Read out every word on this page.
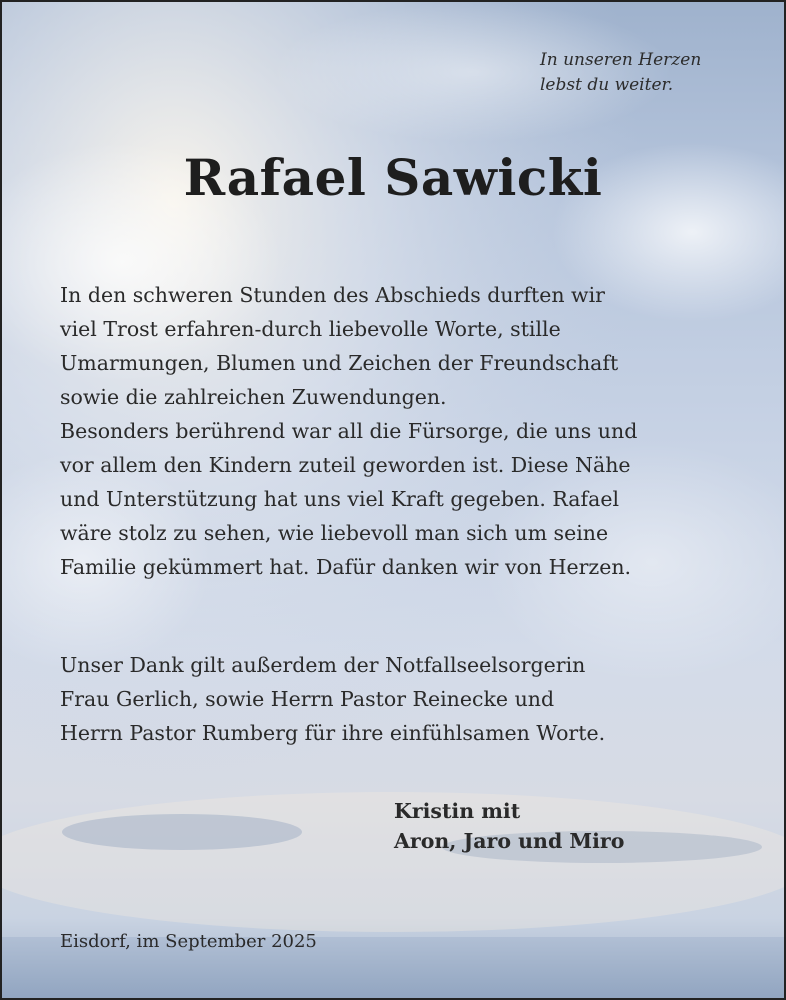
In unseren Herzen
lebst du weiter.
Rafael Sawicki
In den schweren Stunden des Abschieds durften wir
viel Trost erfahren-durch liebevolle Worte, stille
Umarmungen, Blumen und Zeichen der Freundschaft
sowie die zahlreichen Zuwendungen.
Besonders berührend war all die Fürsorge, die uns und
vor allem den Kindern zuteil geworden ist. Diese Nähe
und Unterstützung hat uns viel Kraft gegeben. Rafael
wäre stolz zu sehen, wie liebevoll man sich um seine
Familie gekümmert hat. Dafür danken wir von Herzen.
Unser Dank gilt außerdem der Notfallseelsorgerin
Frau Gerlich, sowie Herrn Pastor Reinecke und
Herrn Pastor Rumberg für ihre einfühlsamen Worte.
Kristin mit
Aron, Jaro und Miro
Eisdorf, im September 2025
